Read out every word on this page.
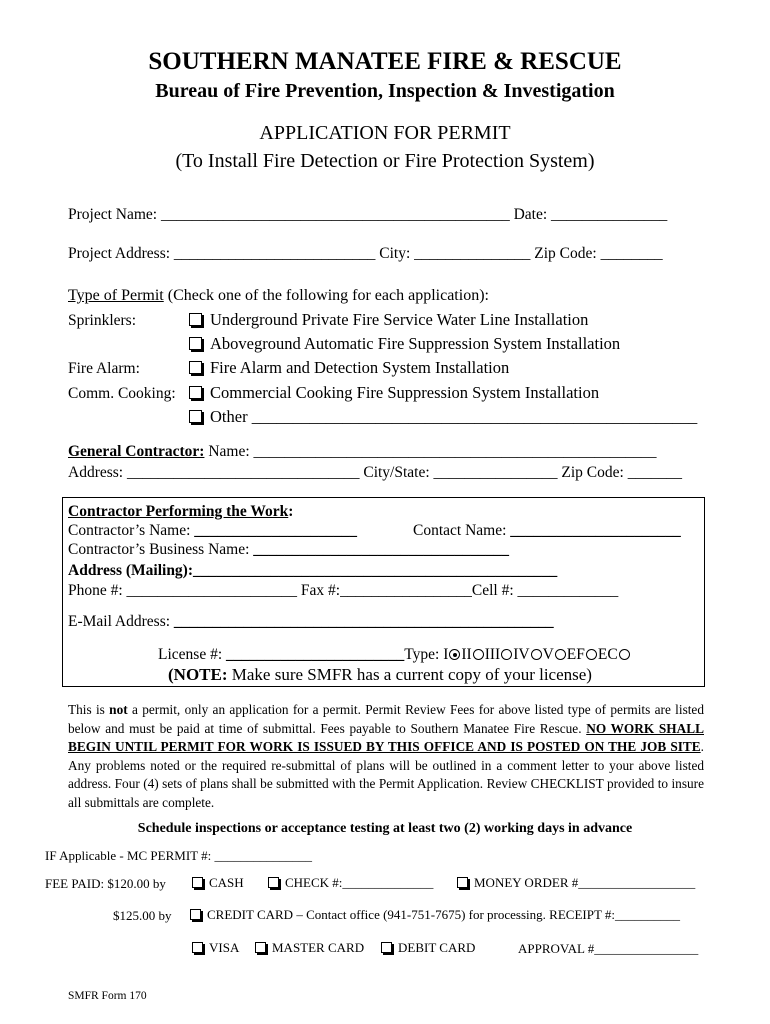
SOUTHERN MANATEE FIRE & RESCUE
Bureau of Fire Prevention, Inspection & Investigation
APPLICATION FOR PERMIT
(To Install Fire Detection or Fire Protection System)
Project Name: _____________________________________________ Date: _______________
Project Address: __________________________ City: _______________ Zip Code: ________
Type of Permit (Check one of the following for each application):
Sprinklers:	Underground Private Fire Service Water Line Installation
Aboveground Automatic Fire Suppression System Installation
Fire Alarm:	Fire Alarm and Detection System Installation
Comm. Cooking:	Commercial Cooking Fire Suppression System Installation
Other ______________________________________________________
General Contractor: Name: ____________________________________________________
Address: ______________________________ City/State: ________________ Zip Code: _______
Contractor Performing the Work:
Contractor’s Name: _____________________	Contact Name: ______________________
Contractor’s Business Name: _________________________________
Address (Mailing):_______________________________________________
Phone #: ______________________ Fax #:_________________Cell #: _____________
E-Mail Address: _________________________________________________
License #: _______________________Type: I II III IV V EF EC
(NOTE: Make sure SMFR has a current copy of your license)
This is not a permit, only an application for a permit. Permit Review Fees for above listed type of permits are listed below and must be paid at time of submittal. Fees payable to Southern Manatee Fire Rescue. NO WORK SHALL BEGIN UNTIL PERMIT FOR WORK IS ISSUED BY THIS OFFICE AND IS POSTED ON THE JOB SITE. Any problems noted or the required re-submittal of plans will be outlined in a comment letter to your above listed address. Four (4) sets of plans shall be submitted with the Permit Application. Review CHECKLIST provided to insure all submittals are complete.
Schedule inspections or acceptance testing at least two (2) working days in advance
IF Applicable - MC PERMIT #: _______________
FEE PAID: $120.00 by	CASH	CHECK #:______________	MONEY ORDER #__________________
$125.00 by	CREDIT CARD – Contact office (941-751-7675) for processing. RECEIPT #:__________
VISA	MASTER CARD	DEBIT CARD	APPROVAL #________________
SMFR Form 170
